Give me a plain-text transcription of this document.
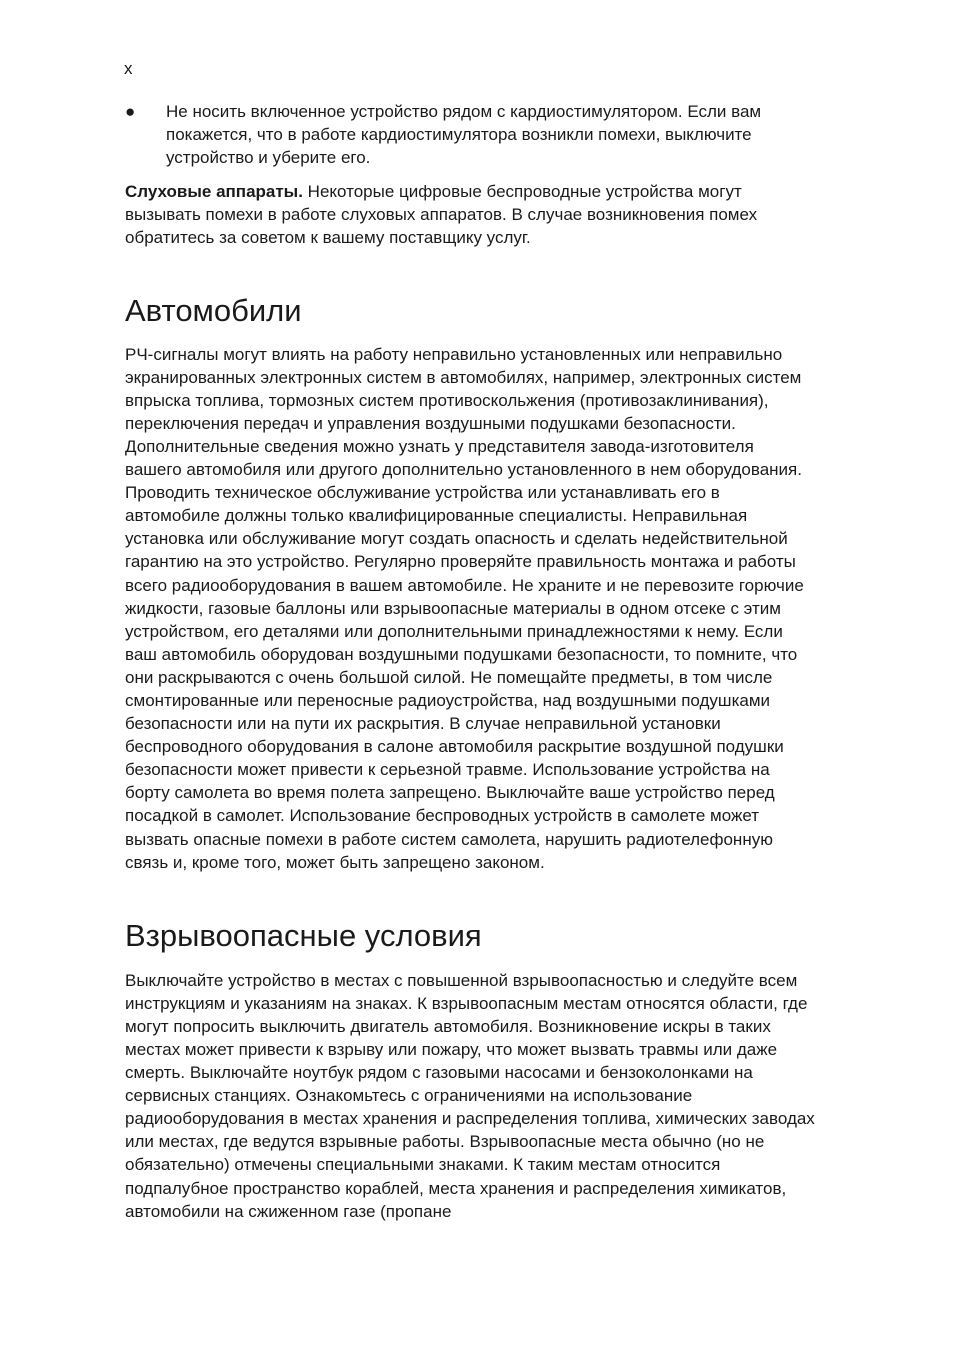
x
● Не носить включенное устройство рядом с кардиостимулятором. Если вам покажется, что в работе кардиостимулятора возникли помехи, выключите устройство и уберите его.

Слуховые аппараты. Некоторые цифровые беспроводные устройства могут вызывать помехи в работе слуховых аппаратов. В случае возникновения помех обратитесь за советом к вашему поставщику услуг.

Автомобили

РЧ-сигналы могут влиять на работу неправильно установленных или неправильно экранированных электронных систем в автомобилях, например, электронных систем впрыска топлива, тормозных систем противоскольжения (противозаклинивания), переключения передач и управления воздушными подушками безопасности. Дополнительные сведения можно узнать у представителя завода-изготовителя вашего автомобиля или другого дополнительно установленного в нем оборудования. Проводить техническое обслуживание устройства или устанавливать его в автомобиле должны только квалифицированные специалисты. Неправильная установка или обслуживание могут создать опасность и сделать недействительной гарантию на это устройство. Регулярно проверяйте правильность монтажа и работы всего радиооборудования в вашем автомобиле. Не храните и не перевозите горючие жидкости, газовые баллоны или взрывоопасные материалы в одном отсеке с этим устройством, его деталями или дополнительными принадлежностями к нему. Если ваш автомобиль оборудован воздушными подушками безопасности, то помните, что они раскрываются с очень большой силой. Не помещайте предметы, в том числе смонтированные или переносные радиоустройства, над воздушными подушками безопасности или на пути их раскрытия. В случае неправильной установки беспроводного оборудования в салоне автомобиля раскрытие воздушной подушки безопасности может привести к серьезной травме. Использование устройства на борту самолета во время полета запрещено. Выключайте ваше устройство перед посадкой в самолет. Использование беспроводных устройств в самолете может вызвать опасные помехи в работе систем самолета, нарушить радиотелефонную связь и, кроме того, может быть запрещено законом.

Взрывоопасные условия

Выключайте устройство в местах с повышенной взрывоопасностью и следуйте всем инструкциям и указаниям на знаках. К взрывоопасным местам относятся области, где могут попросить выключить двигатель автомобиля. Возникновение искры в таких местах может привести к взрыву или пожару, что может вызвать травмы или даже смерть. Выключайте ноутбук рядом с газовыми насосами и бензоколонками на сервисных станциях. Ознакомьтесь с ограничениями на использование радиооборудования в местах хранения и распределения топлива, химических заводах или местах, где ведутся взрывные работы. Взрывоопасные места обычно (но не обязательно) отмечены специальными знаками. К таким местам относится подпалубное пространство кораблей, места хранения и распределения химикатов, автомобили на сжиженном газе (пропане
